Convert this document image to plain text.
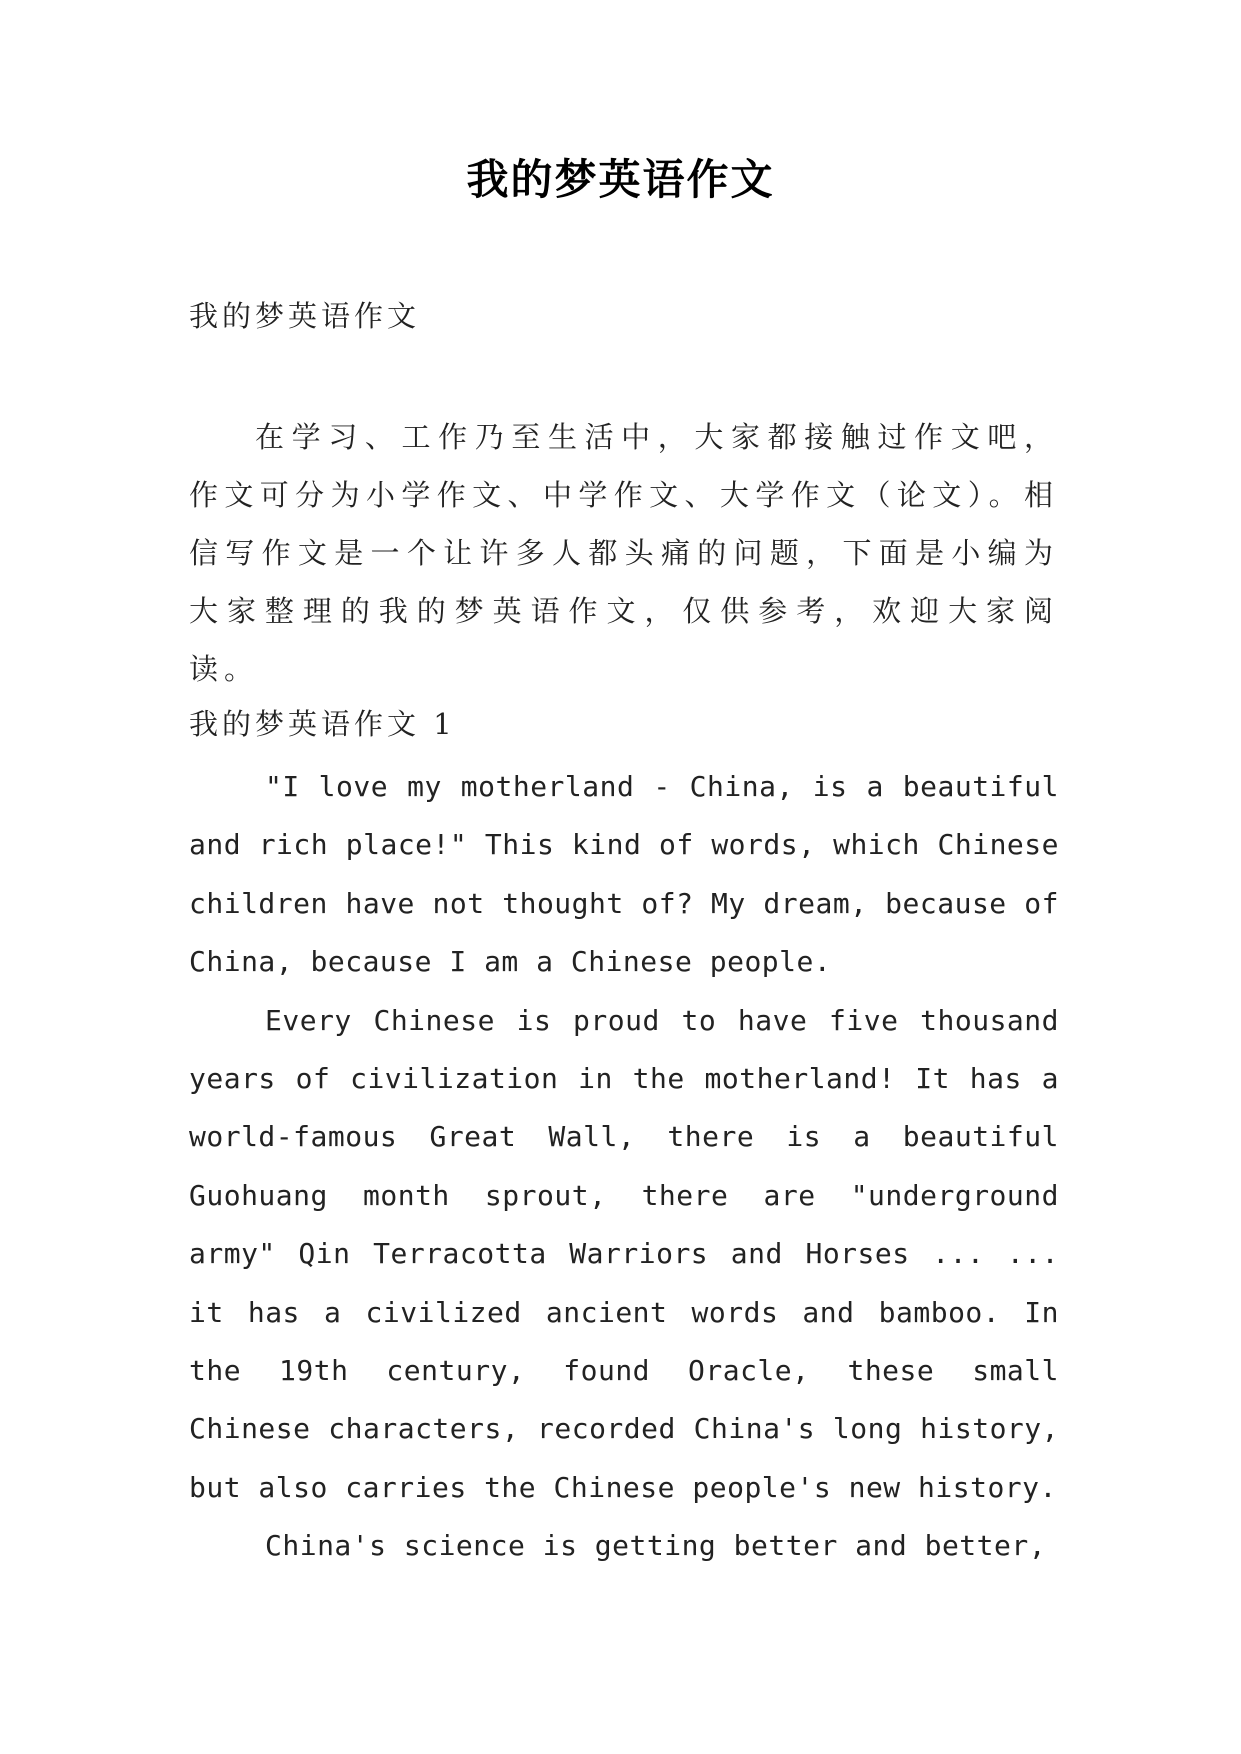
我的梦英语作文
我的梦英语作文

在学习、工作乃至生活中，大家都接触过作文吧，作文可分为小学作文、中学作文、大学作文（论文）。相信写作文是一个让许多人都头痛的问题，下面是小编为大家整理的我的梦英语作文，仅供参考，欢迎大家阅读。

我的梦英语作文 1

"I love my motherland - China, is a beautiful and rich place!" This kind of words, which Chinese children have not thought of? My dream, because of China, because I am a Chinese people.

Every Chinese is proud to have five thousand years of civilization in the motherland! It has a world-famous Great Wall, there is a beautiful Guohuang month sprout, there are "underground army" Qin Terracotta Warriors and Horses ... ... it has a civilized ancient words and bamboo. In the 19th century, found Oracle, these small Chinese characters, recorded China's long history, but also carries the Chinese people's new history.

China's science is getting better and better,
